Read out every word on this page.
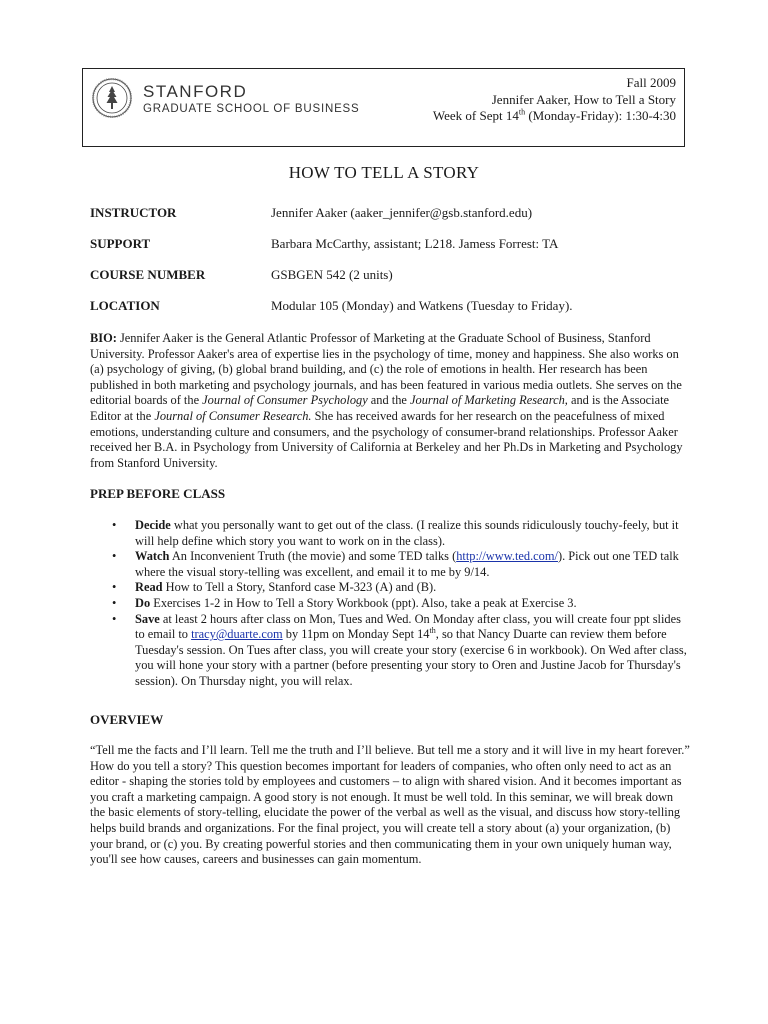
STANFORD
GRADUATE SCHOOL OF BUSINESS
Fall 2009
Jennifer Aaker, How to Tell a Story
Week of Sept 14th (Monday-Friday): 1:30-4:30
HOW TO TELL A STORY
INSTRUCTOR	Jennifer Aaker (aaker_jennifer@gsb.stanford.edu)
SUPPORT	Barbara McCarthy, assistant; L218. Jamess Forrest: TA
COURSE NUMBER	GSBGEN 542 (2 units)
LOCATION	Modular 105 (Monday) and Watkens (Tuesday to Friday).
BIO: Jennifer Aaker is the General Atlantic Professor of Marketing at the Graduate School of Business, Stanford University. Professor Aaker's area of expertise lies in the psychology of time, money and happiness. She also works on (a) psychology of giving, (b) global brand building, and (c) the role of emotions in health. Her research has been published in both marketing and psychology journals, and has been featured in various media outlets. She serves on the editorial boards of the Journal of Consumer Psychology and the Journal of Marketing Research, and is the Associate Editor at the Journal of Consumer Research. She has received awards for her research on the peacefulness of mixed emotions, understanding culture and consumers, and the psychology of consumer-brand relationships. Professor Aaker received her B.A. in Psychology from University of California at Berkeley and her Ph.Ds in Marketing and Psychology from Stanford University.
PREP BEFORE CLASS
• Decide what you personally want to get out of the class. (I realize this sounds ridiculously touchy-feely, but it will help define which story you want to work on in the class).
• Watch An Inconvenient Truth (the movie) and some TED talks (http://www.ted.com/). Pick out one TED talk where the visual story-telling was excellent, and email it to me by 9/14.
• Read How to Tell a Story, Stanford case M-323 (A) and (B).
• Do Exercises 1-2 in How to Tell a Story Workbook (ppt). Also, take a peak at Exercise 3.
• Save at least 2 hours after class on Mon, Tues and Wed. On Monday after class, you will create four ppt slides to email to tracy@duarte.com by 11pm on Monday Sept 14th, so that Nancy Duarte can review them before Tuesday's session. On Tues after class, you will create your story (exercise 6 in workbook). On Wed after class, you will hone your story with a partner (before presenting your story to Oren and Justine Jacob for Thursday's session). On Thursday night, you will relax.
OVERVIEW
“Tell me the facts and I’ll learn. Tell me the truth and I’ll believe. But tell me a story and it will live in my heart forever.” How do you tell a story? This question becomes important for leaders of companies, who often only need to act as an editor - shaping the stories told by employees and customers – to align with shared vision. And it becomes important as you craft a marketing campaign. A good story is not enough. It must be well told. In this seminar, we will break down the basic elements of story-telling, elucidate the power of the verbal as well as the visual, and discuss how story-telling helps build brands and organizations. For the final project, you will create tell a story about (a) your organization, (b) your brand, or (c) you. By creating powerful stories and then communicating them in your own uniquely human way, you'll see how causes, careers and businesses can gain momentum.
